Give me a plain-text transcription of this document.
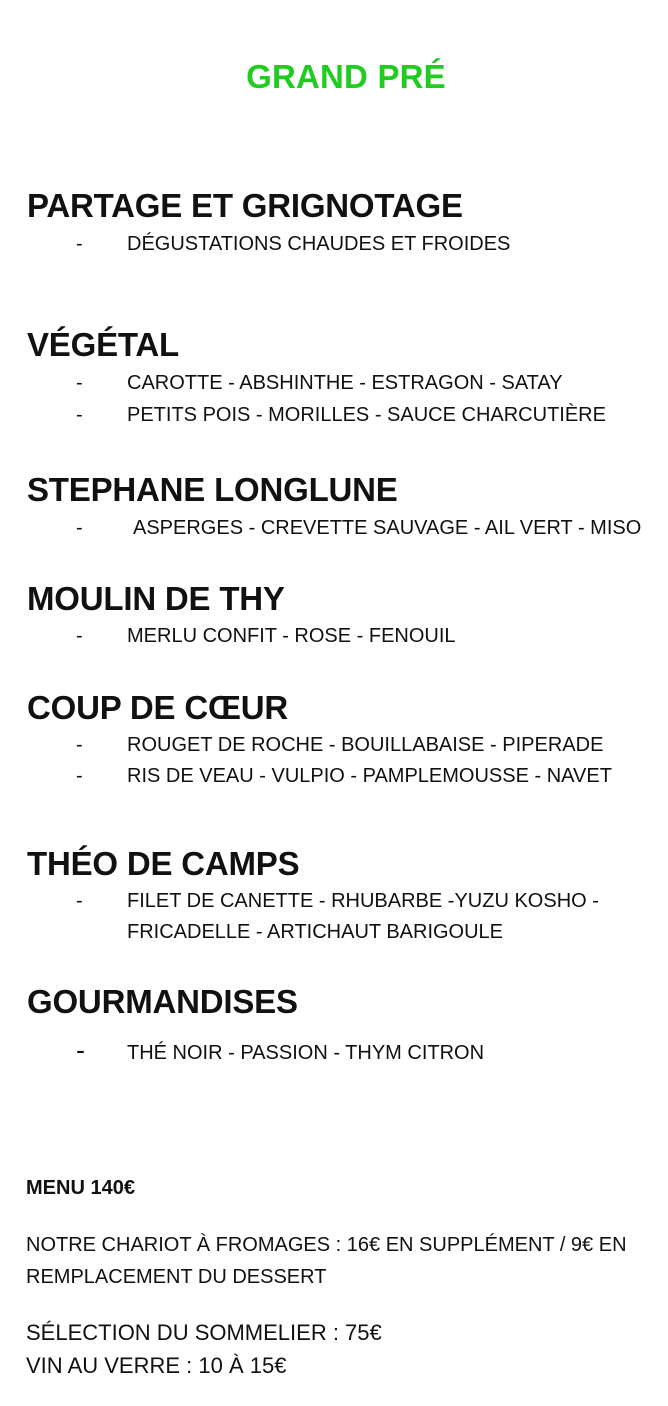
GRAND PRÉ
PARTAGE ET GRIGNOTAGE
- DÉGUSTATIONS CHAUDES ET FROIDES
VÉGÉTAL
- CAROTTE - ABSHINTHE - ESTRAGON - SATAY
- PETITS POIS - MORILLES - SAUCE CHARCUTIÈRE
STEPHANE LONGLUNE
-	ASPERGES - CREVETTE SAUVAGE - AIL VERT - MISO
MOULIN DE THY
- MERLU CONFIT - ROSE - FENOUIL
COUP DE CŒUR
- ROUGET DE ROCHE - BOUILLABAISE - PIPERADE
- RIS DE VEAU - VULPIO - PAMPLEMOUSSE - NAVET
THÉO DE CAMPS
- FILET DE CANETTE - RHUBARBE -YUZU KOSHO -
FRICADELLE - ARTICHAUT BARIGOULE
GOURMANDISES
- THÉ NOIR - PASSION - THYM CITRON
MENU 140€
NOTRE CHARIOT À FROMAGES : 16€ EN SUPPLÉMENT / 9€ EN
REMPLACEMENT DU DESSERT
SÉLECTION DU SOMMELIER : 75€
VIN AU VERRE : 10 À 15€
